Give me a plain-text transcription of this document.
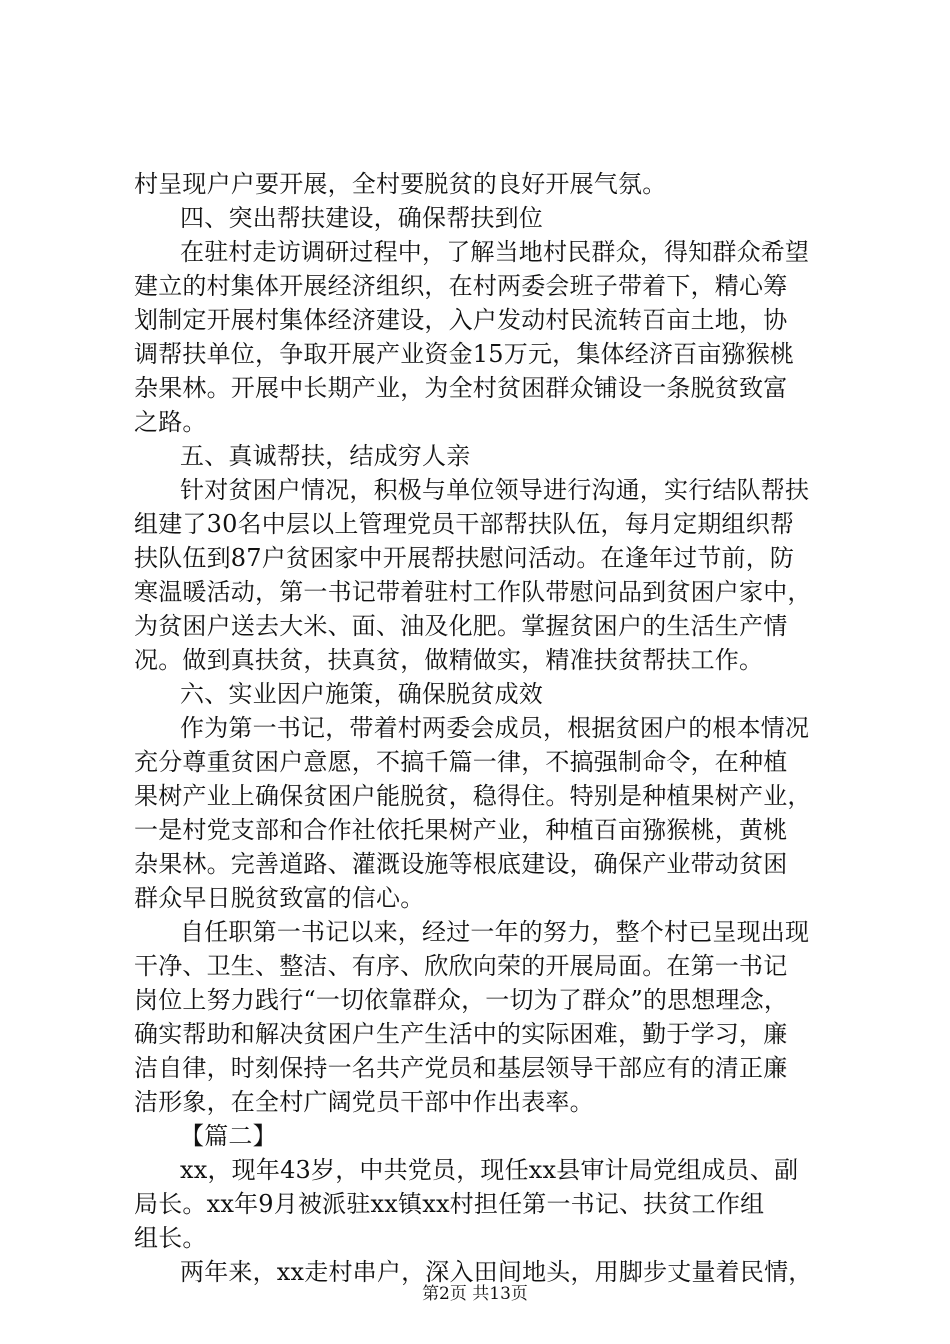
村呈现户户要开展，全村要脱贫的良好开展气氛。
四、突出帮扶建设，确保帮扶到位
在驻村走访调研过程中，了解当地村民群众，得知群众希望
建立的村集体开展经济组织，在村两委会班子带着下，精心筹
划制定开展村集体经济建设，入户发动村民流转百亩土地，协
调帮扶单位，争取开展产业资金15万元，集体经济百亩猕猴桃
杂果林。开展中长期产业，为全村贫困群众铺设一条脱贫致富
之路。
五、真诚帮扶，结成穷人亲
针对贫困户情况，积极与单位领导进行沟通，实行结队帮扶
组建了30名中层以上管理党员干部帮扶队伍，每月定期组织帮
扶队伍到87户贫困家中开展帮扶慰问活动。在逢年过节前，防
寒温暖活动，第一书记带着驻村工作队带慰问品到贫困户家中，
为贫困户送去大米、面、油及化肥。掌握贫困户的生活生产情
况。做到真扶贫，扶真贫，做精做实，精准扶贫帮扶工作。
六、实业因户施策，确保脱贫成效
作为第一书记，带着村两委会成员，根据贫困户的根本情况
充分尊重贫困户意愿，不搞千篇一律，不搞强制命令，在种植
果树产业上确保贫困户能脱贫，稳得住。特别是种植果树产业，
一是村党支部和合作社依托果树产业，种植百亩猕猴桃，黄桃
杂果林。完善道路、灌溉设施等根底建设，确保产业带动贫困
群众早日脱贫致富的信心。
自任职第一书记以来，经过一年的努力，整个村已呈现出现
干净、卫生、整洁、有序、欣欣向荣的开展局面。在第一书记
岗位上努力践行“一切依靠群众，一切为了群众”的思想理念，
确实帮助和解决贫困户生产生活中的实际困难，勤于学习，廉
洁自律，时刻保持一名共产党员和基层领导干部应有的清正廉
洁形象，在全村广阔党员干部中作出表率。
【篇二】
xx，现年43岁，中共党员，现任xx县审计局党组成员、副
局长。xx年9月被派驻xx镇xx村担任第一书记、扶贫工作组
组长。
两年来，xx走村串户，深入田间地头，用脚步丈量着民情，
第2页 共13页
